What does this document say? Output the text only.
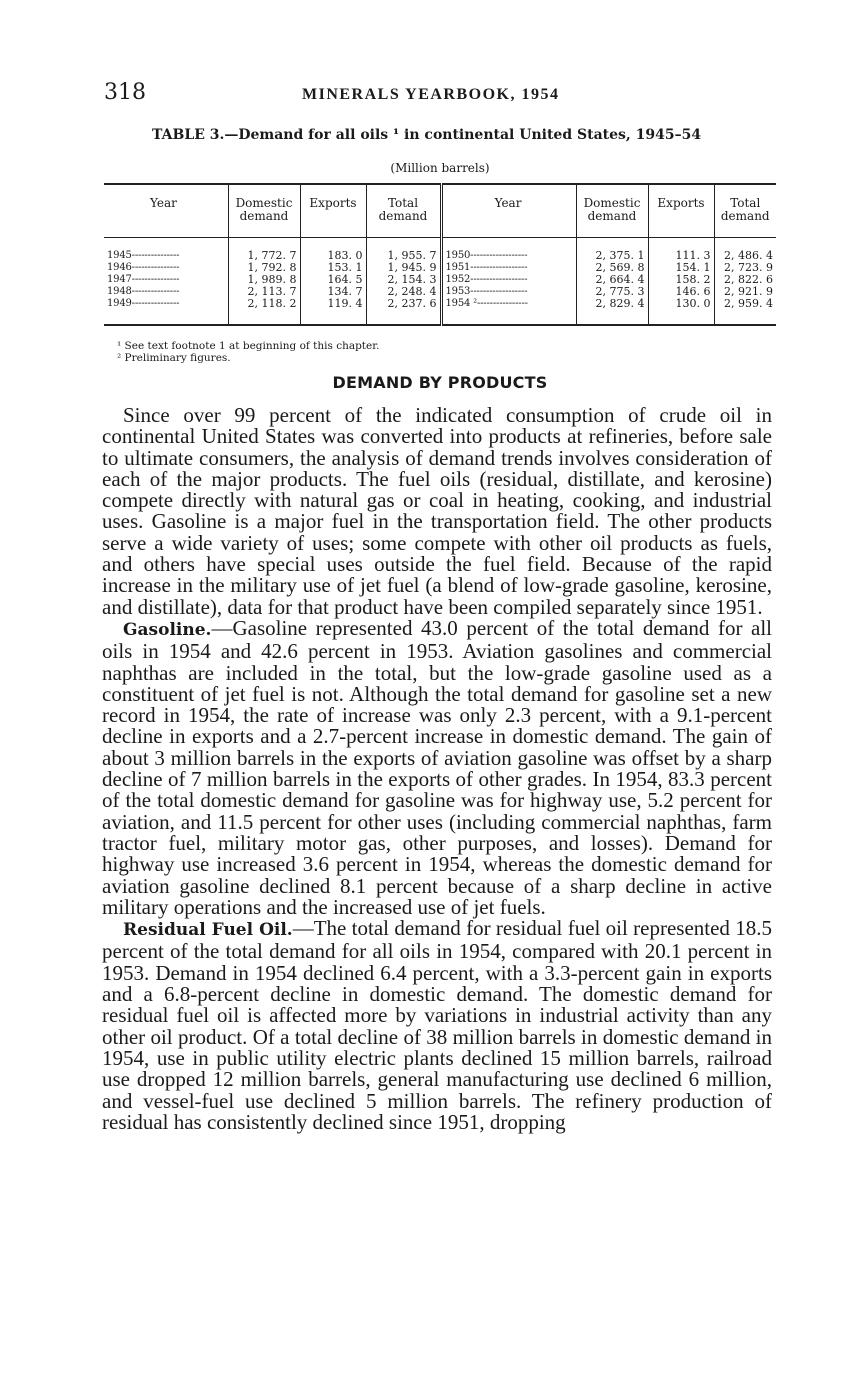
318	MINERALS YEARBOOK, 1954
TABLE 3.—Demand for all oils ¹ in continental United States, 1945–54
(Million barrels)
Year	Domestic demand	Exports	Total demand	Year	Domestic demand	Exports	Total demand
1945---------------	1, 772. 7	183. 0	1, 955. 7	1950------------------	2, 375. 1	111. 3	2, 486. 4
1946---------------	1, 792. 8	153. 1	1, 945. 9	1951------------------	2, 569. 8	154. 1	2, 723. 9
1947---------------	1, 989. 8	164. 5	2, 154. 3	1952------------------	2, 664. 4	158. 2	2, 822. 6
1948---------------	2, 113. 7	134. 7	2, 248. 4	1953------------------	2, 775. 3	146. 6	2, 921. 9
1949---------------	2, 118. 2	119. 4	2, 237. 6	1954 ²----------------	2, 829. 4	130. 0	2, 959. 4
¹ See text footnote 1 at beginning of this chapter.
² Preliminary figures.
DEMAND BY PRODUCTS

Since over 99 percent of the indicated consumption of crude oil in continental United States was converted into products at refineries, before sale to ultimate consumers, the analysis of demand trends involves consideration of each of the major products. The fuel oils (residual, distillate, and kerosine) compete directly with natural gas or coal in heating, cooking, and industrial uses. Gasoline is a major fuel in the transportation field. The other products serve a wide variety of uses; some compete with other oil products as fuels, and others have special uses outside the fuel field. Because of the rapid increase in the military use of jet fuel (a blend of low-grade gasoline, kerosine, and distillate), data for that product have been compiled separately since 1951.

Gasoline.—Gasoline represented 43.0 percent of the total demand for all oils in 1954 and 42.6 percent in 1953. Aviation gasolines and commercial naphthas are included in the total, but the low-grade gasoline used as a constituent of jet fuel is not. Although the total demand for gasoline set a new record in 1954, the rate of increase was only 2.3 percent, with a 9.1-percent decline in exports and a 2.7-percent increase in domestic demand. The gain of about 3 million barrels in the exports of aviation gasoline was offset by a sharp decline of 7 million barrels in the exports of other grades. In 1954, 83.3 percent of the total domestic demand for gasoline was for highway use, 5.2 percent for aviation, and 11.5 percent for other uses (including commercial naphthas, farm tractor fuel, military motor gas, other purposes, and losses). Demand for highway use increased 3.6 percent in 1954, whereas the domestic demand for aviation gasoline declined 8.1 percent because of a sharp decline in active military operations and the increased use of jet fuels.

Residual Fuel Oil.—The total demand for residual fuel oil represented 18.5 percent of the total demand for all oils in 1954, compared with 20.1 percent in 1953. Demand in 1954 declined 6.4 percent, with a 3.3-percent gain in exports and a 6.8-percent decline in domestic demand. The domestic demand for residual fuel oil is affected more by variations in industrial activity than any other oil product. Of a total decline of 38 million barrels in domestic demand in 1954, use in public utility electric plants declined 15 million barrels, railroad use dropped 12 million barrels, general manufacturing use declined 6 million, and vessel-fuel use declined 5 million barrels. The refinery production of residual has consistently declined since 1951, dropping
